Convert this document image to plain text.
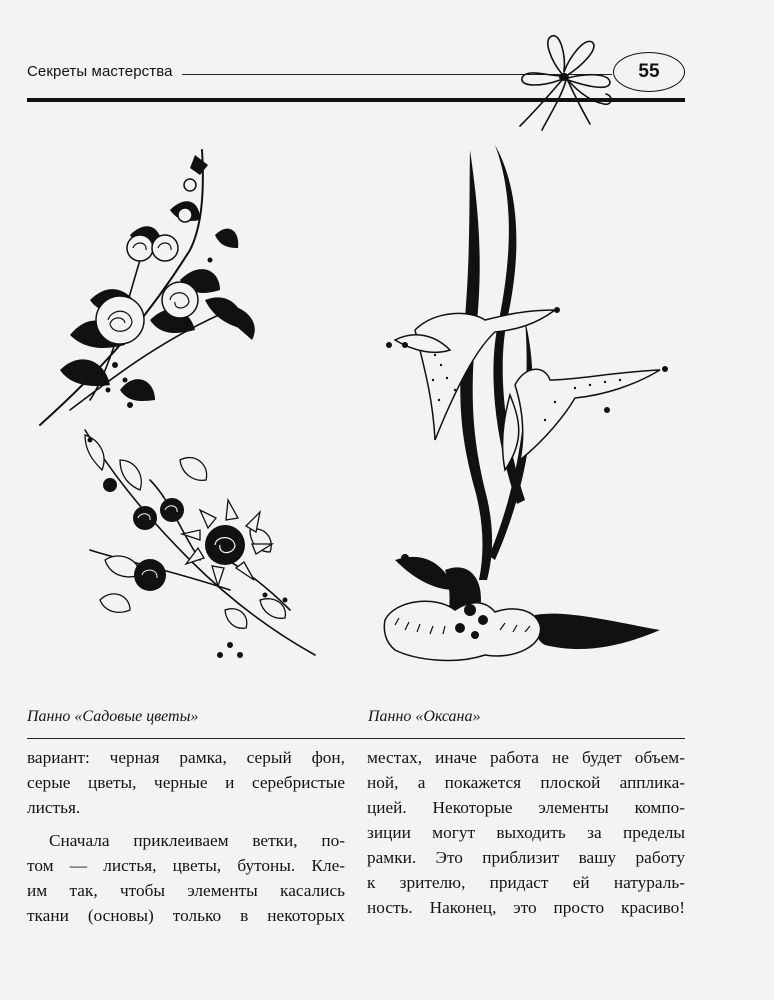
Секреты мастерства	55
Панно «Садовые цветы»	Панно «Оксана»

вариант: черная рамка, серый фон,
серые цветы, черные и серебристые
листья.

Сначала приклеиваем ветки, по-
том — листья, цветы, бутоны. Кле-
им так, чтобы элементы касались
ткани (основы) только в некоторых

местах, иначе работа не будет объем-
ной, а покажется плоской апплика-
цией. Некоторые элементы компо-
зиции могут выходить за пределы
рамки. Это приблизит вашу работу
к зрителю, придаст ей натураль-
ность. Наконец, это просто красиво!
